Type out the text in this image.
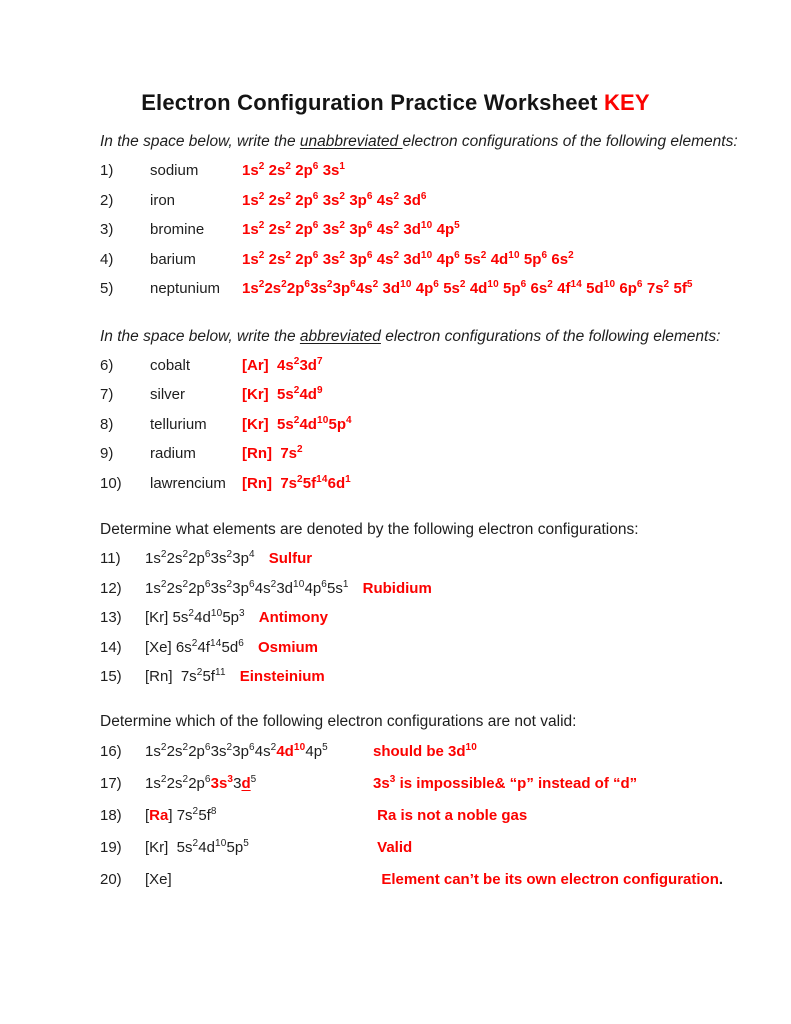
Electron Configuration Practice Worksheet KEY

In the space below, write the unabbreviated electron configurations of the following elements:

1) sodium	$1s^2$ $2s^2$ $2p^6$ $3s^1$
2) iron	$1s^2$ $2s^2$ $2p^6$ $3s^2$ $3p^6$ $4s^2$ $3d^6$
3) bromine	$1s^2$ $2s^2$ $2p^6$ $3s^2$ $3p^6$ $4s^2$ $3d^{10}$ $4p^5$
4) barium	$1s^2$ $2s^2$ $2p^6$ $3s^2$ $3p^6$ $4s^2$ $3d^{10}$ $4p^6$ $5s^2$ $4d^{10}$ $5p^6$ $6s^2$
5) neptunium $1s^22s^22p^63s^23p^64s^2$ $3d^{10}$ $4p^6$ $5s^2$ $4d^{10}$ $5p^6$ $6s^2$ $4f^{14}$ $5d^{10}$ $6p^6$ $7s^2$ $5f^5$

In the space below, write the abbreviated electron configurations of the following elements:

6) cobalt	[Ar]  $4s^23d^7$
7) silver	[Kr]  $5s^24d^9$
8) tellurium [Kr]  $5s^24d^{10}5p^4$
9) radium	[Rn]  $7s^2$
10) lawrencium [Rn]  $7s^25f^{14}6d^1$

Determine what elements are denoted by the following electron configurations:

11) $1s^22s^22p^63s^23p^4$ Sulfur
12) $1s^22s^22p^63s^23p^64s^23d^{10}4p^65s^1$ Rubidium
13) [Kr] $5s^24d^{10}5p^3$ Antimony
14) [Xe] $6s^24f^{14}5d^6$ Osmium
15) [Rn]  $7s^25f^{11}$ Einsteinium

Determine which of the following electron configurations are not valid:

16) $1s^22s^22p^63s^23p^64s^24d^{10}4p^5$	should be $3d^{10}$
17) $1s^22s^22p^63s^33d^5$	$3s^3$ is impossible& “p” instead of “d”
18) [Ra] $7s^25f^8$	Ra is not a noble gas
19) [Kr]  $5s^24d^{10}5p^5$	Valid
20) [Xe]	Element can’t be its own electron configuration.
